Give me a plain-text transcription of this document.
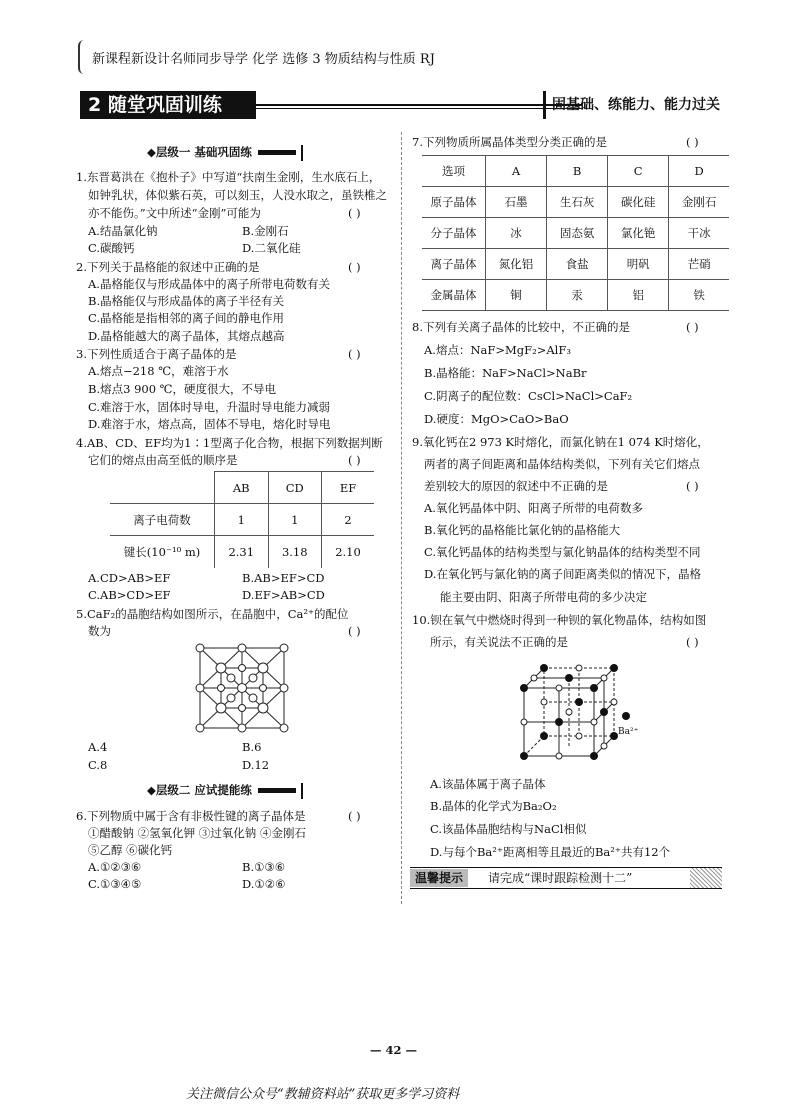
新课程新设计名师同步导学 化学 选修 3 物质结构与性质 RJ
2 随堂巩固训练	固基础、练能力、能力过关
◆层级一 基础巩固练
1.东晋葛洪在《抱朴子》中写道“扶南生金刚，生水底石上，
如钟乳状，体似紫石英，可以刻玉，人没水取之，虽铁椎之
亦不能伤。”文中所述“金刚”可能为	( )
A.结晶氯化钠	B.金刚石
C.碳酸钙	D.二氧化硅
2.下列关于晶格能的叙述中正确的是	( )
A.晶格能仅与形成晶体中的离子所带电荷数有关
B.晶格能仅与形成晶体的离子半径有关
C.晶格能是指相邻的离子间的静电作用
D.晶格能越大的离子晶体，其熔点越高
3.下列性质适合于离子晶体的是	( )
A.熔点−218 ℃，难溶于水
B.熔点3 900 ℃，硬度很大，不导电
C.难溶于水，固体时导电，升温时导电能力减弱
D.难溶于水，熔点高，固体不导电，熔化时导电
4.AB、CD、EF均为1∶1型离子化合物，根据下列数据判断
它们的熔点由高至低的顺序是	( )
	AB	CD	EF
离子电荷数	1	1	2
键长(10⁻¹⁰ m)	2.31	3.18	2.10
A.CD>AB>EF	B.AB>EF>CD
C.AB>CD>EF	D.EF>AB>CD
5.CaF₂的晶胞结构如图所示，在晶胞中，Ca²⁺的配位
数为	( )
A.4	B.6
C.8	D.12
◆层级二 应试提能练
6.下列物质中属于含有非极性键的离子晶体是	( )
①醋酸钠 ②氢氧化钾 ③过氧化钠 ④金刚石
⑤乙醇 ⑥碳化钙
A.①②③⑥	B.①③⑥
C.①③④⑤	D.①②⑥
7.下列物质所属晶体类型分类正确的是	( )
选项	A	B	C	D
原子晶体	石墨	生石灰	碳化硅	金刚石
分子晶体	冰	固态氨	氯化铯	干冰
离子晶体	氮化铝	食盐	明矾	芒硝
金属晶体	铜	汞	铝	铁
8.下列有关离子晶体的比较中，不正确的是	( )
A.熔点：NaF>MgF₂>AlF₃
B.晶格能：NaF>NaCl>NaBr
C.阴离子的配位数：CsCl>NaCl>CaF₂
D.硬度：MgO>CaO>BaO
9.氧化钙在2 973 K时熔化，而氯化钠在1 074 K时熔化，
两者的离子间距离和晶体结构类似，下列有关它们熔点
差别较大的原因的叙述中不正确的是	( )
A.氧化钙晶体中阴、阳离子所带的电荷数多
B.氧化钙的晶格能比氯化钠的晶格能大
C.氧化钙晶体的结构类型与氯化钠晶体的结构类型不同
D.在氧化钙与氯化钠的离子间距离类似的情况下，晶格
能主要由阴、阳离子所带电荷的多少决定
10.钡在氧气中燃烧时得到一种钡的氧化物晶体，结构如图
所示，有关说法不正确的是	( )
Ba²⁺
A.该晶体属于离子晶体
B.晶体的化学式为Ba₂O₂
C.该晶体晶胞结构与NaCl相似
D.与每个Ba²⁺距离相等且最近的Ba²⁺共有12个
温馨提示	请完成“课时跟踪检测十二”
— 42 —
关注微信公众号“教辅资料站”获取更多学习资料
